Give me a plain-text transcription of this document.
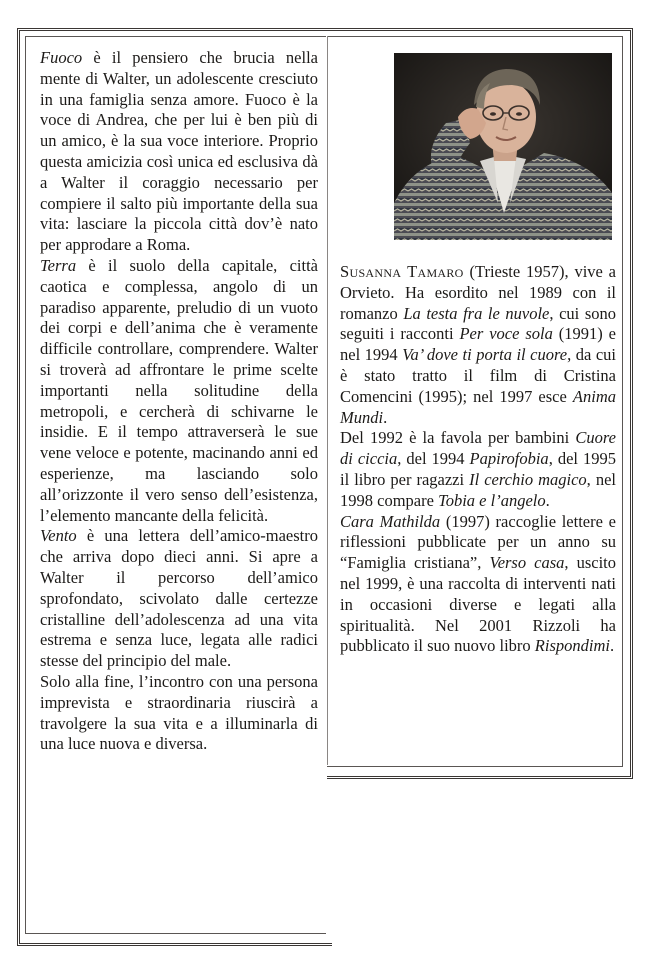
Fuoco è il pensiero che brucia nella mente di Walter, un adolescente cresciuto in una famiglia senza amore. Fuoco è la voce di Andrea, che per lui è ben più di un amico, è la sua voce interiore. Proprio questa amicizia così unica ed esclusiva dà a Walter il coraggio necessario per compiere il salto più importante della sua vita: lasciare la piccola città dov’è nato per approdare a Roma.

Terra è il suolo della capitale, città caotica e complessa, angolo di un paradiso apparente, preludio di un vuoto dei corpi e dell’anima che è veramente difficile controllare, comprendere. Walter si troverà ad affrontare le prime scelte importanti nella solitudine della metropoli, e cercherà di schivarne le insidie. E il tempo attraverserà le sue vene veloce e potente, macinando anni ed esperienze, ma lasciando solo all’orizzonte il vero senso dell’esistenza, l’elemento mancante della felicità.

Vento è una lettera dell’amico-maestro che arriva dopo dieci anni. Si apre a Walter il percorso dell’amico sprofondato, scivolato dalle certezze cristalline dell’adolescenza ad una vita estrema e senza luce, legata alle radici stesse del principio del male.

Solo alla fine, l’incontro con una persona imprevista e straordinaria riuscirà a travolgere la sua vita e a illuminarla di una luce nuova e diversa.

Susanna Tamaro (Trieste 1957), vive a Orvieto. Ha esordito nel 1989 con il romanzo La testa fra le nuvole, cui sono seguiti i racconti Per voce sola (1991) e nel 1994 Va’ dove ti porta il cuore, da cui è stato tratto il film di Cristina Comencini (1995); nel 1997 esce Anima Mundi.

Del 1992 è la favola per bambini Cuore di ciccia, del 1994 Papirofobia, del 1995 il libro per ragazzi Il cerchio magico, nel 1998 compare Tobia e l’angelo.

Cara Mathilda (1997) raccoglie lettere e riflessioni pubblicate per un anno su “Famiglia cristiana”, Verso casa, uscito nel 1999, è una raccolta di interventi nati in occasioni diverse e legati alla spiritualità. Nel 2001 Rizzoli ha pubblicato il suo nuovo libro Rispondimi.
